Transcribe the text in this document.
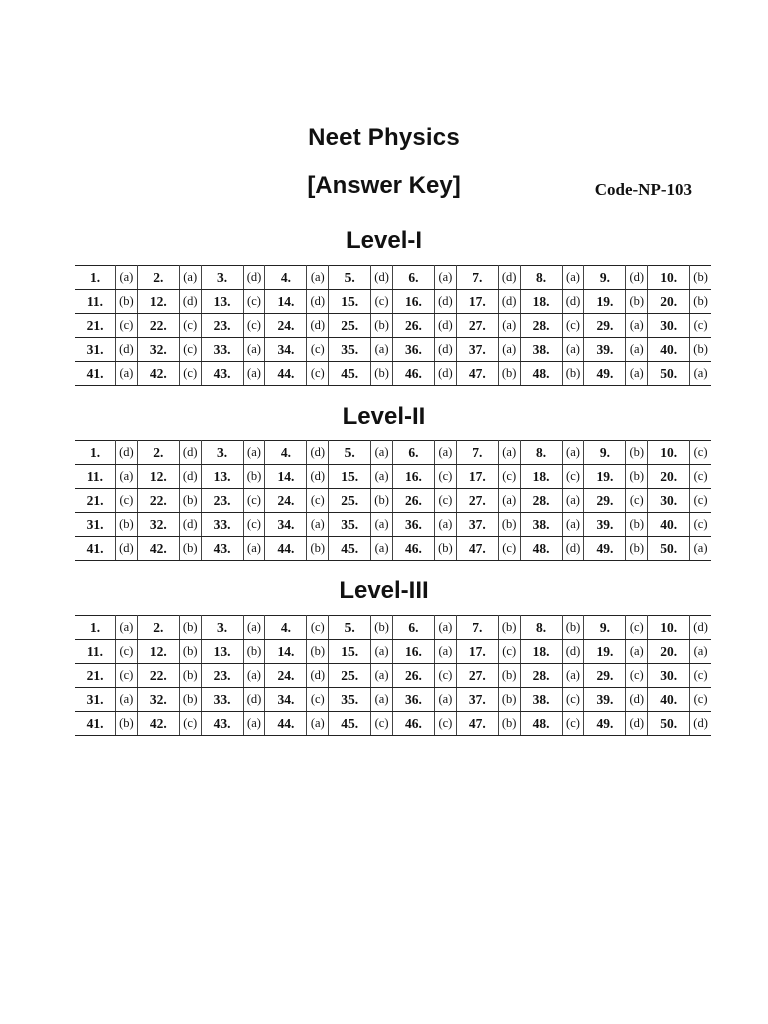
Neet Physics
[Answer Key]	Code-NP-103
Level-I
1.	(a)	2.	(a)	3.	(d)	4.	(a)	5.	(d)	6.	(a)	7.	(d)	8.	(a)	9.	(d)	10.	(b)
11.	(b)	12.	(d)	13.	(c)	14.	(d)	15.	(c)	16.	(d)	17.	(d)	18.	(d)	19.	(b)	20.	(b)
21.	(c)	22.	(c)	23.	(c)	24.	(d)	25.	(b)	26.	(d)	27.	(a)	28.	(c)	29.	(a)	30.	(c)
31.	(d)	32.	(c)	33.	(a)	34.	(c)	35.	(a)	36.	(d)	37.	(a)	38.	(a)	39.	(a)	40.	(b)
41.	(a)	42.	(c)	43.	(a)	44.	(c)	45.	(b)	46.	(d)	47.	(b)	48.	(b)	49.	(a)	50.	(a)
Level-II
1.	(d)	2.	(d)	3.	(a)	4.	(d)	5.	(a)	6.	(a)	7.	(a)	8.	(a)	9.	(b)	10.	(c)
11.	(a)	12.	(d)	13.	(b)	14.	(d)	15.	(a)	16.	(c)	17.	(c)	18.	(c)	19.	(b)	20.	(c)
21.	(c)	22.	(b)	23.	(c)	24.	(c)	25.	(b)	26.	(c)	27.	(a)	28.	(a)	29.	(c)	30.	(c)
31.	(b)	32.	(d)	33.	(c)	34.	(a)	35.	(a)	36.	(a)	37.	(b)	38.	(a)	39.	(b)	40.	(c)
41.	(d)	42.	(b)	43.	(a)	44.	(b)	45.	(a)	46.	(b)	47.	(c)	48.	(d)	49.	(b)	50.	(a)
Level-III
1.	(a)	2.	(b)	3.	(a)	4.	(c)	5.	(b)	6.	(a)	7.	(b)	8.	(b)	9.	(c)	10.	(d)
11.	(c)	12.	(b)	13.	(b)	14.	(b)	15.	(a)	16.	(a)	17.	(c)	18.	(d)	19.	(a)	20.	(a)
21.	(c)	22.	(b)	23.	(a)	24.	(d)	25.	(a)	26.	(c)	27.	(b)	28.	(a)	29.	(c)	30.	(c)
31.	(a)	32.	(b)	33.	(d)	34.	(c)	35.	(a)	36.	(a)	37.	(b)	38.	(c)	39.	(d)	40.	(c)
41.	(b)	42.	(c)	43.	(a)	44.	(a)	45.	(c)	46.	(c)	47.	(b)	48.	(c)	49.	(d)	50.	(d)
